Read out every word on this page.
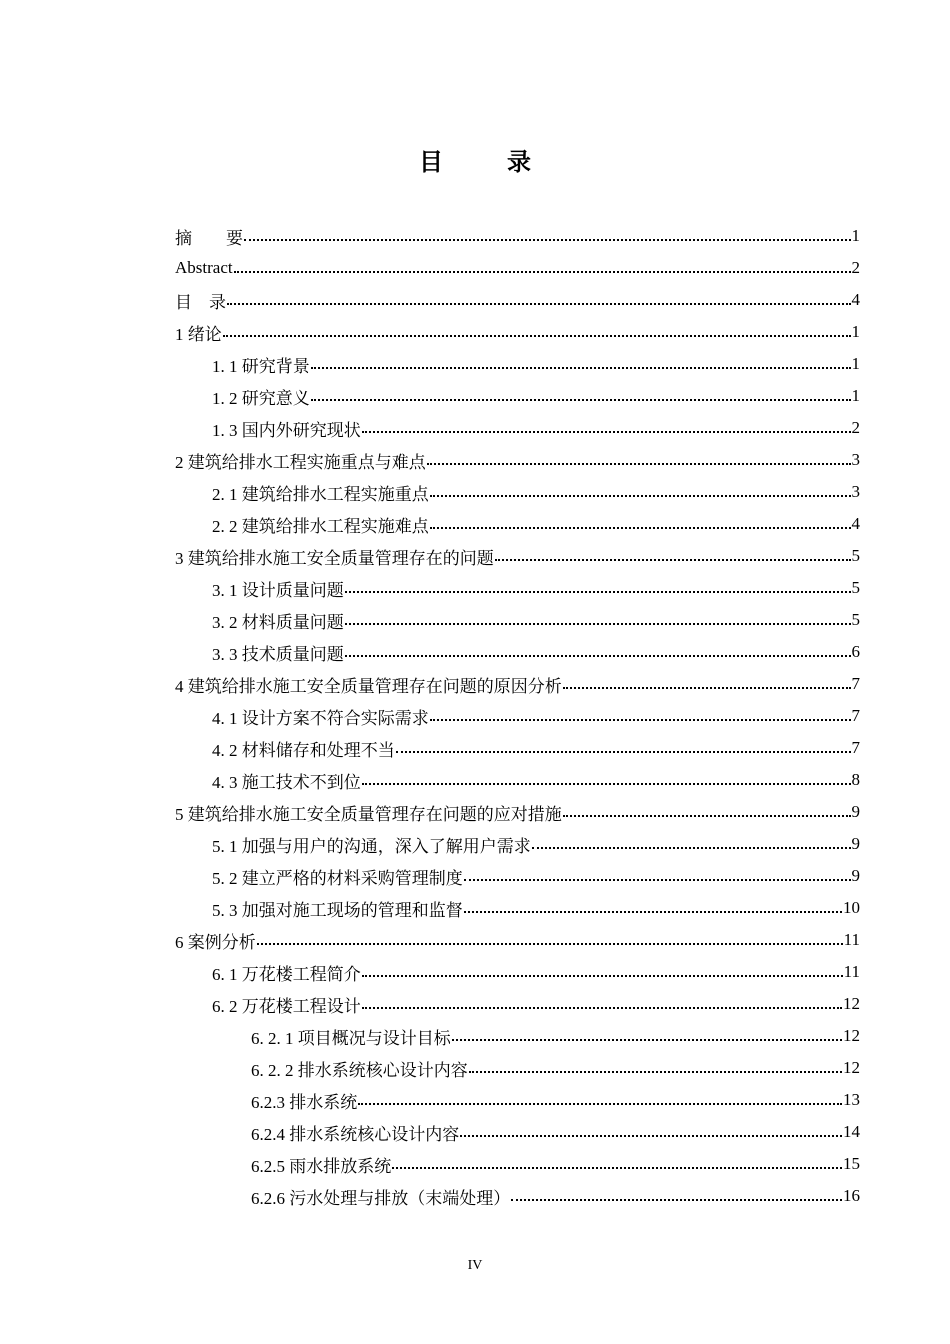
目　录
摘　　要	1
Abstract	2
目　录	4
1 绪论	1
1. 1 研究背景	1
1. 2 研究意义	1
1. 3 国内外研究现状	2
2 建筑给排水工程实施重点与难点	3
2. 1 建筑给排水工程实施重点	3
2. 2 建筑给排水工程实施难点	4
3 建筑给排水施工安全质量管理存在的问题	5
3. 1 设计质量问题	5
3. 2 材料质量问题	5
3. 3 技术质量问题	6
4 建筑给排水施工安全质量管理存在问题的原因分析	7
4. 1 设计方案不符合实际需求	7
4. 2 材料储存和处理不当	7
4. 3 施工技术不到位	8
5 建筑给排水施工安全质量管理存在问题的应对措施	9
5. 1 加强与用户的沟通，深入了解用户需求	9
5. 2 建立严格的材料采购管理制度	9
5. 3 加强对施工现场的管理和监督	10
6 案例分析	11
6. 1 万花楼工程简介	11
6. 2 万花楼工程设计	12
6. 2. 1 项目概况与设计目标	12
6. 2. 2 排水系统核心设计内容	12
6.2.3 排水系统	13
6.2.4 排水系统核心设计内容	14
6.2.5 雨水排放系统	15
6.2.6 污水处理与排放（末端处理）	16
IV
